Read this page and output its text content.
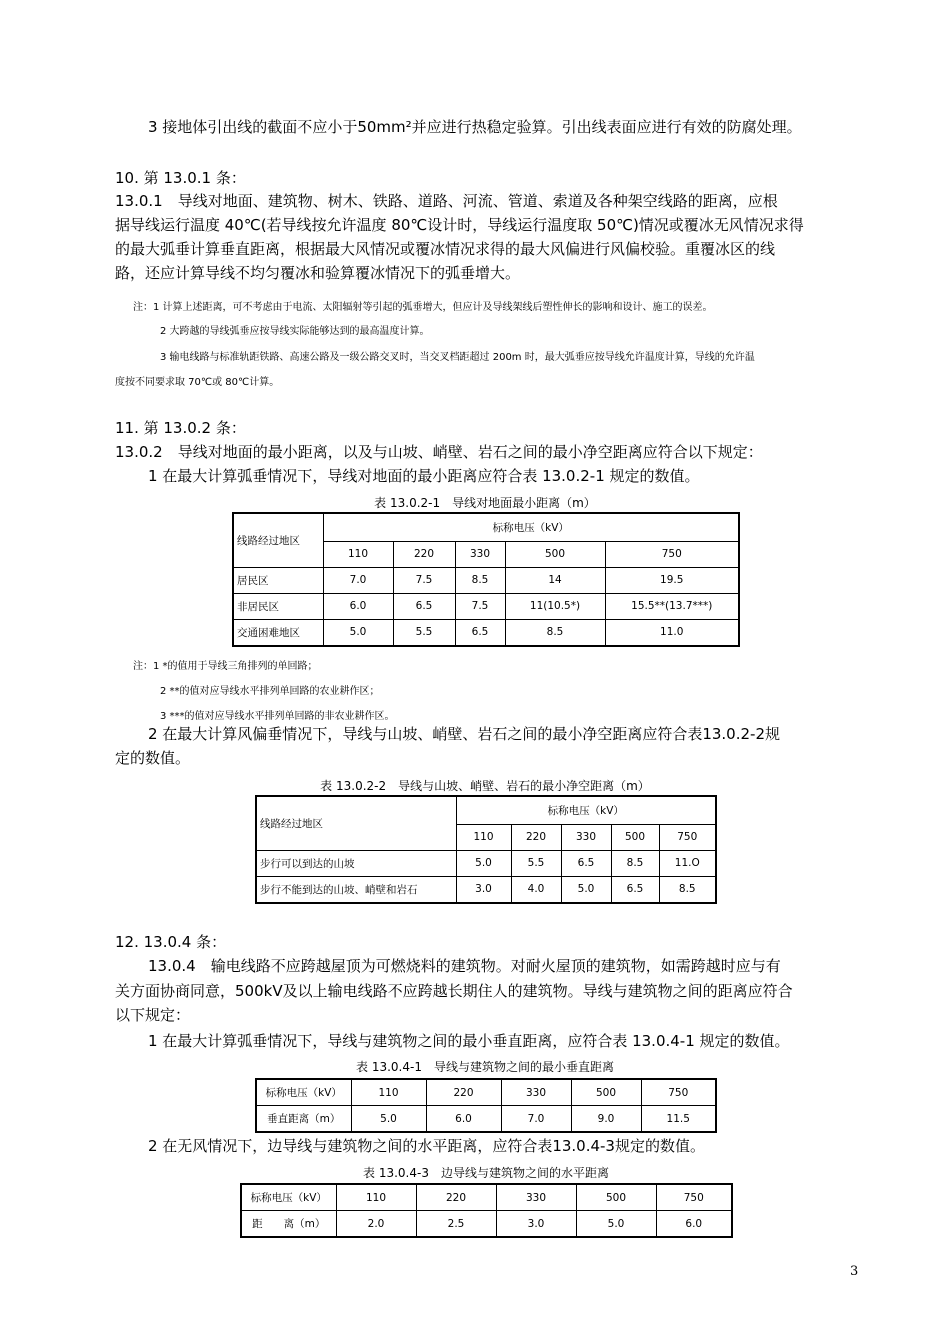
3 接地体引出线的截面不应小于50mm²并应进行热稳定验算。引出线表面应进行有效的防腐处理。
10. 第 13.0.1 条：
13.0.1　导线对地面、建筑物、树木、铁路、道路、河流、管道、索道及各种架空线路的距离，应根
据导线运行温度 40℃(若导线按允许温度 80℃设计时，导线运行温度取 50℃)情况或覆冰无风情况求得
的最大弧垂计算垂直距离，根据最大风情况或覆冰情况求得的最大风偏进行风偏校验。重覆冰区的线
路，还应计算导线不均匀覆冰和验算覆冰情况下的弧垂增大。
注：1 计算上述距离，可不考虑由于电流、太阳辐射等引起的弧垂增大，但应计及导线架线后塑性伸长的影响和设计、施工的误差。
2 大跨越的导线弧垂应按导线实际能够达到的最高温度计算。
3 输电线路与标准轨距铁路、高速公路及一级公路交叉时，当交叉档距超过 200m 时，最大弧垂应按导线允许温度计算，导线的允许温
度按不同要求取 70℃或 80℃计算。
11. 第 13.0.2 条：
13.0.2　导线对地面的最小距离，以及与山坡、峭壁、岩石之间的最小净空距离应符合以下规定：
1 在最大计算弧垂情况下，导线对地面的最小距离应符合表 13.0.2-1 规定的数值。
表 13.0.2-1　导线对地面最小距离（m）
线路经过地区	标称电压（kV）				
	110	220	330	500	750
居民区	7.0	7.5	8.5	14	19.5
非居民区	6.0	6.5	7.5	11(10.5*)	15.5**(13.7***)
交通困难地区	5.0	5.5	6.5	8.5	11.0
注：1 *的值用于导线三角排列的单回路；
2 **的值对应导线水平排列单回路的农业耕作区；
3 ***的值对应导线水平排列单回路的非农业耕作区。
2 在最大计算风偏垂情况下，导线与山坡、峭壁、岩石之间的最小净空距离应符合表13.0.2-2规
定的数值。
表 13.0.2-2　导线与山坡、峭壁、岩石的最小净空距离（m）
线路经过地区	标称电压（kV）				
	110	220	330	500	750
步行可以到达的山坡	5.0	5.5	6.5	8.5	11.O
步行不能到达的山坡、峭壁和岩石	3.0	4.0	5.0	6.5	8.5
12. 13.0.4 条：
13.0.4　输电线路不应跨越屋顶为可燃烧料的建筑物。对耐火屋顶的建筑物，如需跨越时应与有
关方面协商同意，500kV及以上输电线路不应跨越长期住人的建筑物。导线与建筑物之间的距离应符合
以下规定：
1 在最大计算弧垂情况下，导线与建筑物之间的最小垂直距离，应符合表 13.0.4-1 规定的数值。
表 13.0.4-1　导线与建筑物之间的最小垂直距离
标称电压（kV）	110	220	330	500	750
垂直距离（m）	5.0	6.0	7.0	9.0	11.5
2 在无风情况下，边导线与建筑物之间的水平距离，应符合表13.0.4-3规定的数值。
表 13.0.4-3　边导线与建筑物之间的水平距离
标称电压（kV）	110	220	330	500	750
距　　离（m）	2.0	2.5	3.0	5.0	6.0
3
